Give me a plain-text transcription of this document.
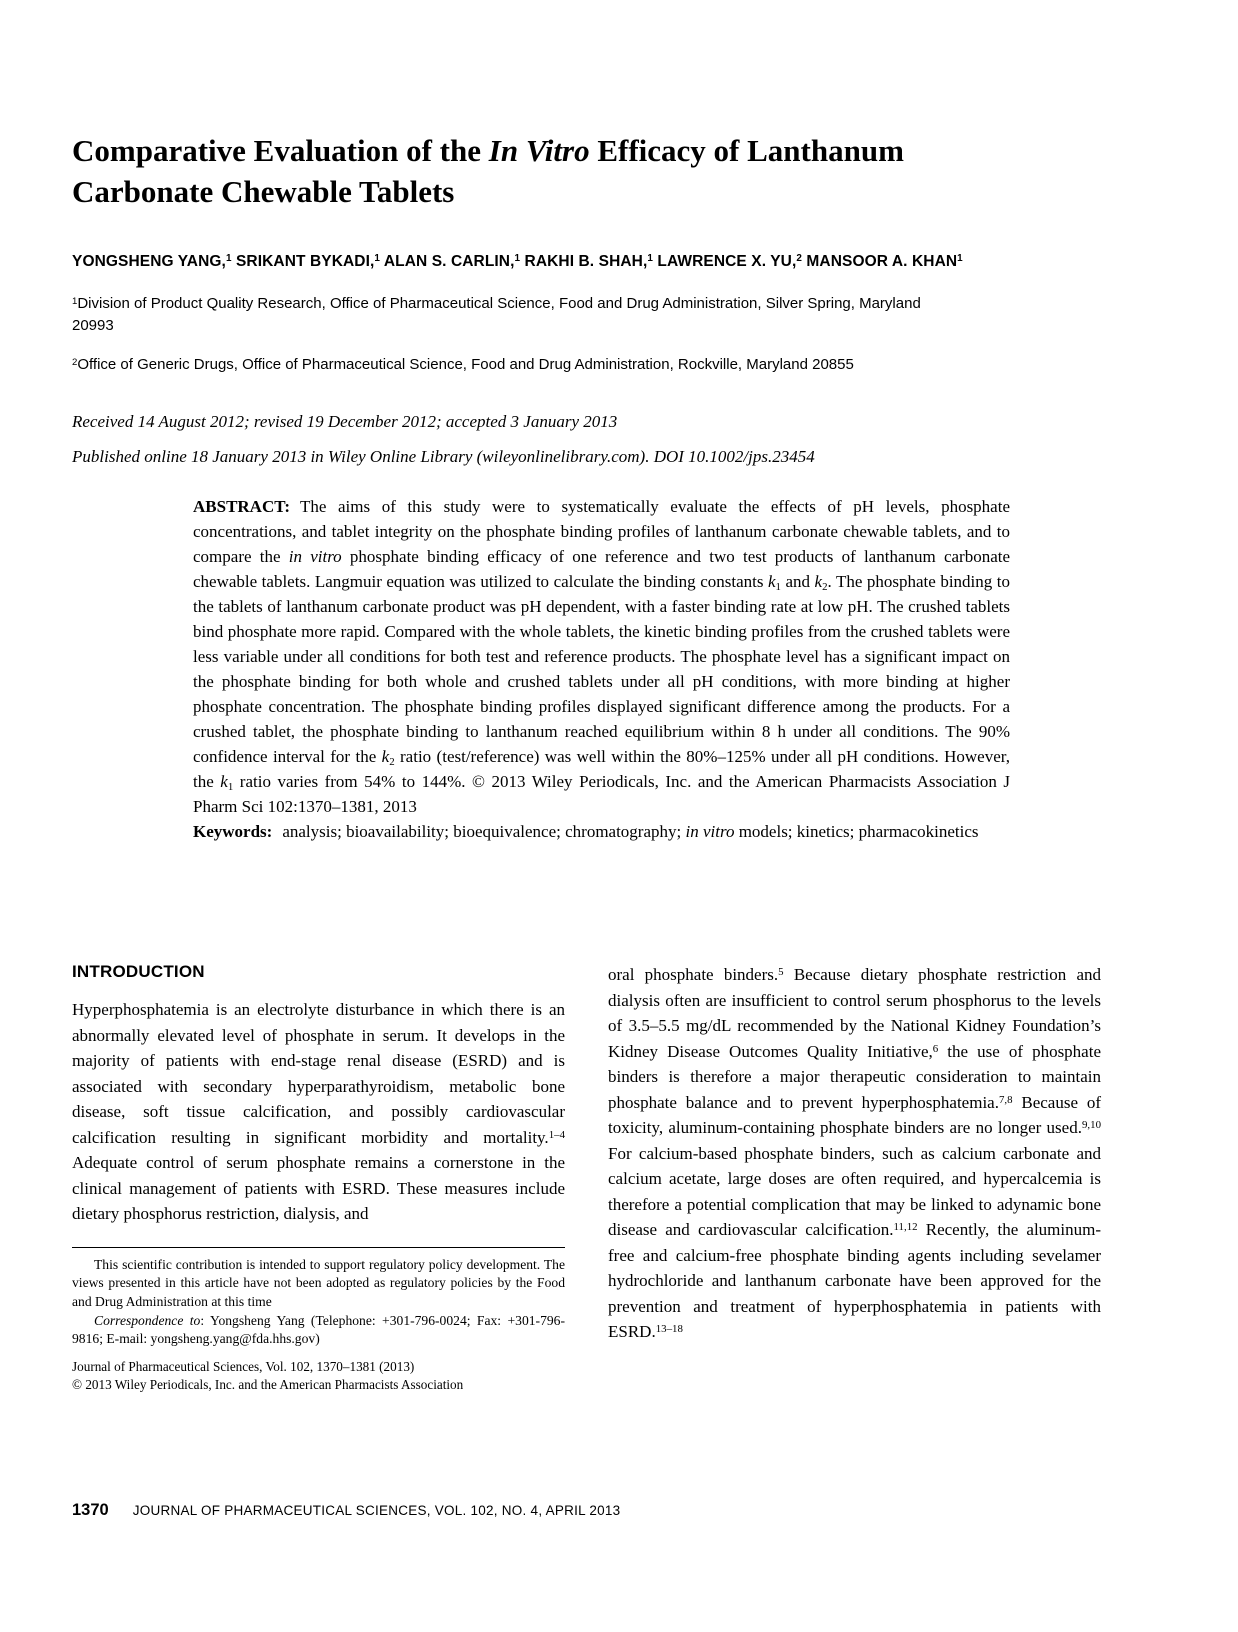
Comparative Evaluation of the In Vitro Efficacy of Lanthanum
Carbonate Chewable Tablets
YONGSHENG YANG,$^1$ SRIKANT BYKADI,$^1$ ALAN S. CARLIN,$^1$ RAKHI B. SHAH,$^1$ LAWRENCE X. YU,$^2$ MANSOOR A. KHAN$^1$

$^1$Division of Product Quality Research, Office of Pharmaceutical Science, Food and Drug Administration, Silver Spring, Maryland
20993

$^2$Office of Generic Drugs, Office of Pharmaceutical Science, Food and Drug Administration, Rockville, Maryland 20855

Received 14 August 2012; revised 19 December 2012; accepted 3 January 2013

Published online 18 January 2013 in Wiley Online Library (wileyonlinelibrary.com). DOI 10.1002/jps.23454

ABSTRACT: The aims of this study were to systematically evaluate the effects of pH levels, phosphate concentrations, and tablet integrity on the phosphate binding profiles of lanthanum carbonate chewable tablets, and to compare the in vitro phosphate binding efficacy of one reference and two test products of lanthanum carbonate chewable tablets. Langmuir equation was utilized to calculate the binding constants $k_1$ and $k_2$. The phosphate binding to the tablets of lanthanum carbonate product was pH dependent, with a faster binding rate at low pH. The crushed tablets bind phosphate more rapid. Compared with the whole tablets, the kinetic binding profiles from the crushed tablets were less variable under all conditions for both test and reference products. The phosphate level has a significant impact on the phosphate binding for both whole and crushed tablets under all pH conditions, with more binding at higher phosphate concentration. The phosphate binding profiles displayed significant difference among the products. For a crushed tablet, the phosphate binding to lanthanum reached equilibrium within 8 h under all conditions. The 90% confidence interval for the $k_2$ ratio (test/reference) was well within the 80%–125% under all pH conditions. However, the $k_1$ ratio varies from 54% to 144%. © 2013 Wiley Periodicals, Inc. and the American Pharmacists Association J Pharm Sci 102:1370–1381, 2013

Keywords: analysis; bioavailability; bioequivalence; chromatography; in vitro models; kinetics; pharmacokinetics

INTRODUCTION

Hyperphosphatemia is an electrolyte disturbance in which there is an abnormally elevated level of phosphate in serum. It develops in the majority of patients with end-stage renal disease (ESRD) and is associated with secondary hyperparathyroidism, metabolic bone disease, soft tissue calcification, and possibly cardiovascular calcification resulting in significant morbidity and mortality.$^{1-4}$ Adequate control of serum phosphate remains a cornerstone in the clinical management of patients with ESRD. These measures include dietary phosphorus restriction, dialysis, and

This scientific contribution is intended to support regulatory policy development. The views presented in this article have not been adopted as regulatory policies by the Food and Drug Administration at this time

Correspondence to: Yongsheng Yang (Telephone: +301-796-0024; Fax: +301-796-9816; E-mail: yongsheng.yang@fda.hhs.gov)

Journal of Pharmaceutical Sciences, Vol. 102, 1370–1381 (2013)

© 2013 Wiley Periodicals, Inc. and the American Pharmacists Association

oral phosphate binders.$^5$ Because dietary phosphate restriction and dialysis often are insufficient to control serum phosphorus to the levels of 3.5–5.5 mg/dL recommended by the National Kidney Foundation’s Kidney Disease Outcomes Quality Initiative,$^6$ the use of phosphate binders is therefore a major therapeutic consideration to maintain phosphate balance and to prevent hyperphosphatemia.$^{7,8}$ Because of toxicity, aluminum-containing phosphate binders are no longer used.$^{9,10}$ For calcium-based phosphate binders, such as calcium carbonate and calcium acetate, large doses are often required, and hypercalcemia is therefore a potential complication that may be linked to adynamic bone disease and cardiovascular calcification.$^{11,12}$ Recently, the aluminum-free and calcium-free phosphate binding agents including sevelamer hydrochloride and lanthanum carbonate have been approved for the prevention and treatment of hyperphosphatemia in patients with ESRD.$^{13-18}$

1370 JOURNAL OF PHARMACEUTICAL SCIENCES, VOL. 102, NO. 4, APRIL 2013
